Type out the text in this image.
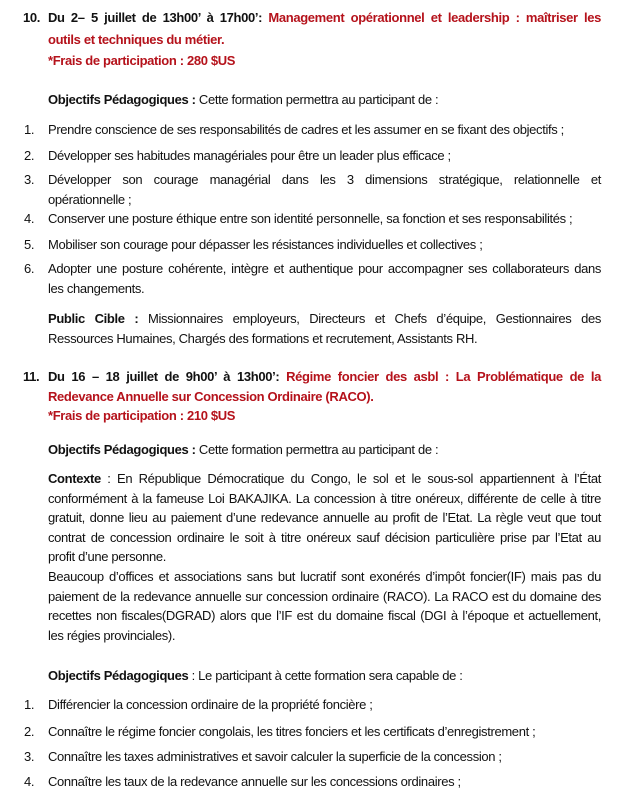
10. Du 2– 5 juillet de 13h00’ à 17h00’: Management opérationnel et leadership : maîtriser les
outils et techniques du métier.
*Frais de participation : 280 $US
Objectifs Pédagogiques : Cette formation permettra au participant de :
1. Prendre conscience de ses responsabilités de cadres et les assumer en se fixant des objectifs ;
2. Développer ses habitudes managériales pour être un leader plus efficace ;
3. Développer son courage managérial dans les 3 dimensions stratégique, relationnelle et
opérationnelle ;
4. Conserver une posture éthique entre son identité personnelle, sa fonction et ses responsabilités ;
5. Mobiliser son courage pour dépasser les résistances individuelles et collectives ;
6. Adopter une posture cohérente, intègre et authentique pour accompagner ses collaborateurs dans
les changements.
Public Cible : Missionnaires employeurs, Directeurs et Chefs d’équipe, Gestionnaires des
Ressources Humaines, Chargés des formations et recrutement, Assistants RH.
11. Du 16 – 18 juillet de 9h00’ à 13h00’: Régime foncier des asbl : La Problématique de la
Redevance Annuelle sur Concession Ordinaire (RACO).
*Frais de participation : 210 $US
Objectifs Pédagogiques : Cette formation permettra au participant de :
Contexte : En République Démocratique du Congo, le sol et le sous-sol appartiennent à l’État
conformément à la fameuse Loi BAKAJIKA. La concession à titre onéreux, différente de celle à titre
gratuit, donne lieu au paiement d’une redevance annuelle au profit de l’Etat. La règle veut que tout
contrat de concession ordinaire le soit à titre onéreux sauf décision particulière prise par l’Etat au
profit d’une personne.
Beaucoup d’offices et associations sans but lucratif sont exonérés d’impôt foncier(IF) mais pas du
paiement de la redevance annuelle sur concession ordinaire (RACO). La RACO est du domaine des
recettes non fiscales(DGRAD) alors que l’IF est du domaine fiscal (DGI à l’époque et actuellement,
les régies provinciales).
Objectifs Pédagogiques : Le participant à cette formation sera capable de :
1. Différencier la concession ordinaire de la propriété foncière ;
2. Connaître le régime foncier congolais, les titres fonciers et les certificats d’enregistrement ;
3. Connaître les taxes administratives et savoir calculer la superficie de la concession ;
4. Connaître les taux de la redevance annuelle sur les concessions ordinaires ;
